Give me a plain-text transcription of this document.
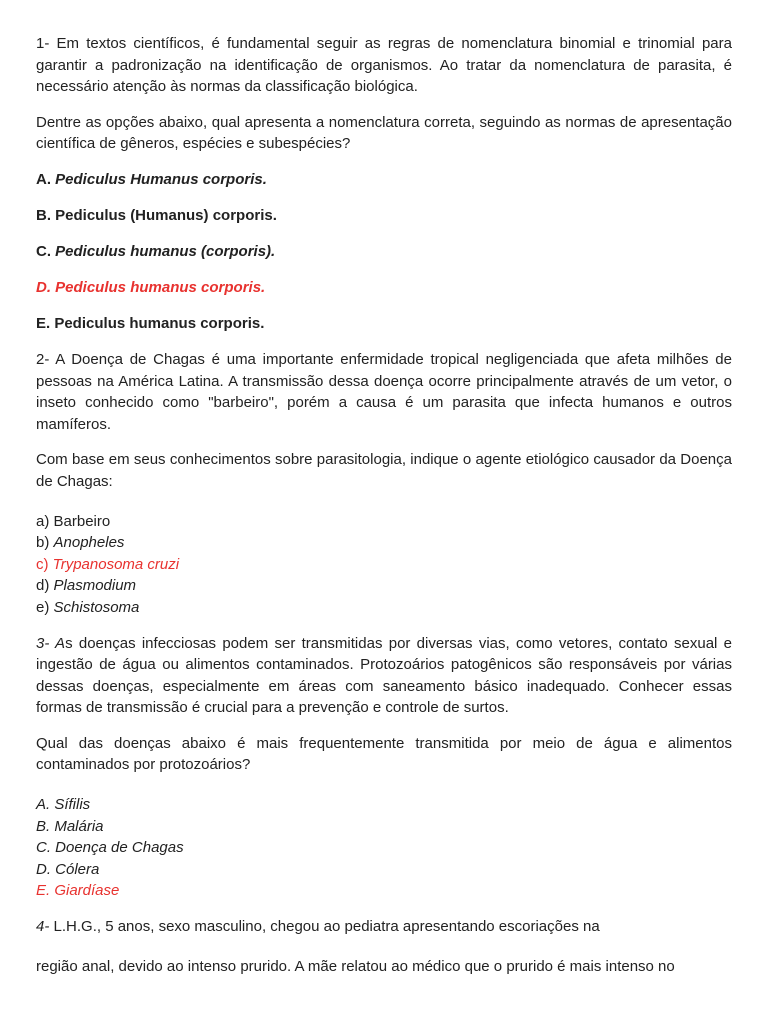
1- Em textos científicos, é fundamental seguir as regras de nomenclatura binomial e trinomial para garantir a padronização na identificação de organismos. Ao tratar da nomenclatura de parasita, é necessário atenção às normas da classificação biológica.

Dentre as opções abaixo, qual apresenta a nomenclatura correta, seguindo as normas de apresentação científica de gêneros, espécies e subespécies?

A. Pediculus Humanus corporis.

B. Pediculus (Humanus) corporis.

C. Pediculus humanus (corporis).

D. Pediculus humanus corporis.

E. Pediculus humanus corporis.

2- A Doença de Chagas é uma importante enfermidade tropical negligenciada que afeta milhões de pessoas na América Latina. A transmissão dessa doença ocorre principalmente através de um vetor, o inseto conhecido como "barbeiro", porém a causa é um parasita que infecta humanos e outros mamíferos.

Com base em seus conhecimentos sobre parasitologia, indique o agente etiológico causador da Doença de Chagas:

a) Barbeiro

b) Anopheles

c) Trypanosoma cruzi

d) Plasmodium

e) Schistosoma

3- As doenças infecciosas podem ser transmitidas por diversas vias, como vetores, contato sexual e ingestão de água ou alimentos contaminados. Protozoários patogênicos são responsáveis por várias dessas doenças, especialmente em áreas com saneamento básico inadequado. Conhecer essas formas de transmissão é crucial para a prevenção e controle de surtos.

Qual das doenças abaixo é mais frequentemente transmitida por meio de água e alimentos contaminados por protozoários?

A. Sífilis

B. Malária

C. Doença de Chagas

D. Cólera

E. Giardíase

4- L.H.G., 5 anos, sexo masculino, chegou ao pediatra apresentando escoriações na

região anal, devido ao intenso prurido. A mãe relatou ao médico que o prurido é mais intenso no
